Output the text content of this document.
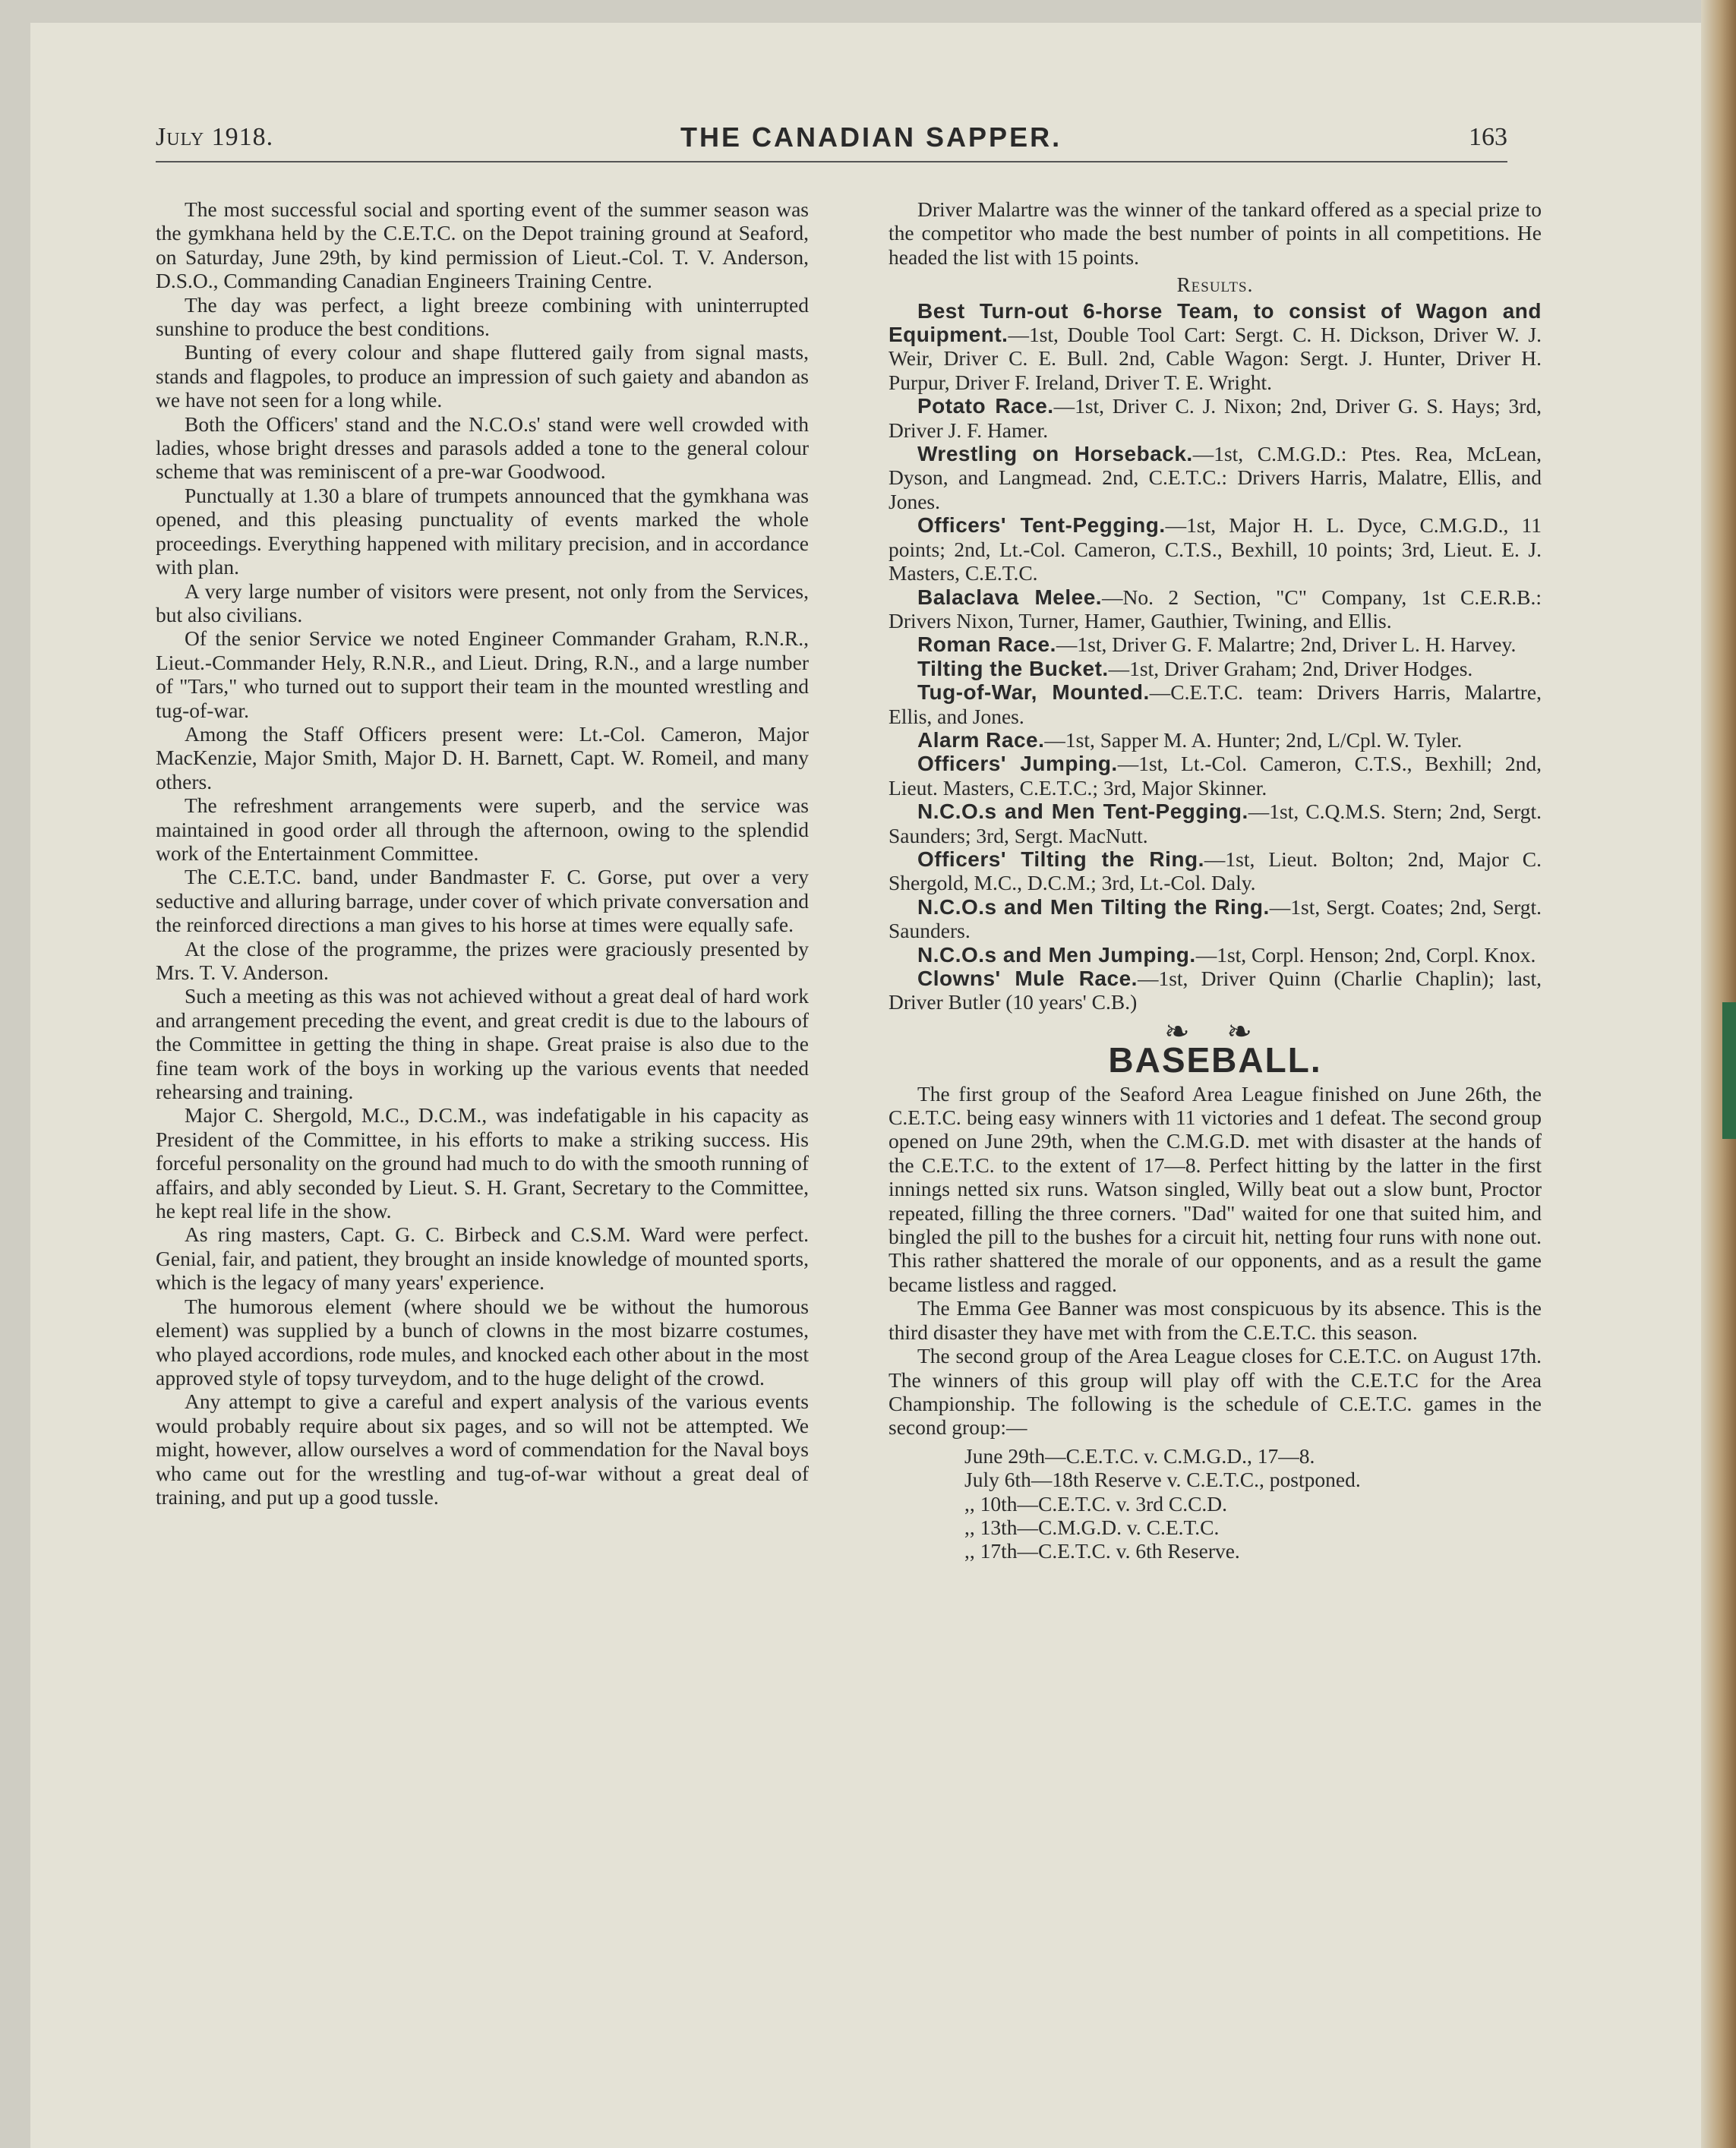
July 1918.	THE CANADIAN SAPPER.	163

The most successful social and sporting event of the summer season was the gymkhana held by the C.E.T.C. on the Depot training ground at Seaford, on Saturday, June 29th, by kind permission of Lieut.-Col. T. V. Anderson, D.S.O., Commanding Canadian Engineers Training Centre.

The day was perfect, a light breeze combining with uninterrupted sunshine to produce the best conditions.

Bunting of every colour and shape fluttered gaily from signal masts, stands and flagpoles, to produce an impression of such gaiety and abandon as we have not seen for a long while.

Both the Officers' stand and the N.C.O.s' stand were well crowded with ladies, whose bright dresses and parasols added a tone to the general colour scheme that was reminiscent of a pre-war Goodwood.

Punctually at 1.30 a blare of trumpets announced that the gymkhana was opened, and this pleasing punctuality of events marked the whole proceedings. Everything happened with military precision, and in accordance with plan.

A very large number of visitors were present, not only from the Services, but also civilians.

Of the senior Service we noted Engineer Commander Graham, R.N.R., Lieut.-Commander Hely, R.N.R., and Lieut. Dring, R.N., and a large number of "Tars," who turned out to support their team in the mounted wrestling and tug-of-war.

Among the Staff Officers present were: Lt.-Col. Cameron, Major MacKenzie, Major Smith, Major D. H. Barnett, Capt. W. Romeil, and many others.

The refreshment arrangements were superb, and the service was maintained in good order all through the afternoon, owing to the splendid work of the Entertainment Committee.

The C.E.T.C. band, under Bandmaster F. C. Gorse, put over a very seductive and alluring barrage, under cover of which private conversation and the reinforced directions a man gives to his horse at times were equally safe.

At the close of the programme, the prizes were graciously presented by Mrs. T. V. Anderson.

Such a meeting as this was not achieved without a great deal of hard work and arrangement preceding the event, and great credit is due to the labours of the Committee in getting the thing in shape. Great praise is also due to the fine team work of the boys in working up the various events that needed rehearsing and training.

Major C. Shergold, M.C., D.C.M., was indefatigable in his capacity as President of the Committee, in his efforts to make a striking success. His forceful personality on the ground had much to do with the smooth running of affairs, and ably seconded by Lieut. S. H. Grant, Secretary to the Committee, he kept real life in the show.

As ring masters, Capt. G. C. Birbeck and C.S.M. Ward were perfect. Genial, fair, and patient, they brought an inside knowledge of mounted sports, which is the legacy of many years' experience.

The humorous element (where should we be without the humorous element) was supplied by a bunch of clowns in the most bizarre costumes, who played accordions, rode mules, and knocked each other about in the most approved style of topsy turveydom, and to the huge delight of the crowd.

Any attempt to give a careful and expert analysis of the various events would probably require about six pages, and so will not be attempted. We might, however, allow ourselves a word of commendation for the Naval boys who came out for the wrestling and tug-of-war without a great deal of training, and put up a good tussle.

Driver Malartre was the winner of the tankard offered as a special prize to the competitor who made the best number of points in all competitions. He headed the list with 15 points.

Results.

Best Turn-out 6-horse Team, to consist of Wagon and Equipment.—1st, Double Tool Cart: Sergt. C. H. Dickson, Driver W. J. Weir, Driver C. E. Bull. 2nd, Cable Wagon: Sergt. J. Hunter, Driver H. Purpur, Driver F. Ireland, Driver T. E. Wright.

Potato Race.—1st, Driver C. J. Nixon; 2nd, Driver G. S. Hays; 3rd, Driver J. F. Hamer.

Wrestling on Horseback.—1st, C.M.G.D.: Ptes. Rea, McLean, Dyson, and Langmead. 2nd, C.E.T.C.: Drivers Harris, Malatre, Ellis, and Jones.

Officers' Tent-Pegging.—1st, Major H. L. Dyce, C.M.G.D., 11 points; 2nd, Lt.-Col. Cameron, C.T.S., Bexhill, 10 points; 3rd, Lieut. E. J. Masters, C.E.T.C.

Balaclava Melee.—No. 2 Section, "C" Company, 1st C.E.R.B.: Drivers Nixon, Turner, Hamer, Gauthier, Twining, and Ellis.

Roman Race.—1st, Driver G. F. Malartre; 2nd, Driver L. H. Harvey.

Tilting the Bucket.—1st, Driver Graham; 2nd, Driver Hodges.

Tug-of-War, Mounted.—C.E.T.C. team: Drivers Harris, Malartre, Ellis, and Jones.

Alarm Race.—1st, Sapper M. A. Hunter; 2nd, L/Cpl. W. Tyler.

Officers' Jumping.—1st, Lt.-Col. Cameron, C.T.S., Bexhill; 2nd, Lieut. Masters, C.E.T.C.; 3rd, Major Skinner.

N.C.O.s and Men Tent-Pegging.—1st, C.Q.M.S. Stern; 2nd, Sergt. Saunders; 3rd, Sergt. MacNutt.

Officers' Tilting the Ring.—1st, Lieut. Bolton; 2nd, Major C. Shergold, M.C., D.C.M.; 3rd, Lt.-Col. Daly.

N.C.O.s and Men Tilting the Ring.—1st, Sergt. Coates; 2nd, Sergt. Saunders.

N.C.O.s and Men Jumping.—1st, Corpl. Henson; 2nd, Corpl. Knox.

Clowns' Mule Race.—1st, Driver Quinn (Charlie Chaplin); last, Driver Butler (10 years' C.B.)

❧ ❧
BASEBALL.

The first group of the Seaford Area League finished on June 26th, the C.E.T.C. being easy winners with 11 victories and 1 defeat. The second group opened on June 29th, when the C.M.G.D. met with disaster at the hands of the C.E.T.C. to the extent of 17—8. Perfect hitting by the latter in the first innings netted six runs. Watson singled, Willy beat out a slow bunt, Proctor repeated, filling the three corners. "Dad" waited for one that suited him, and bingled the pill to the bushes for a circuit hit, netting four runs with none out. This rather shattered the morale of our opponents, and as a result the game became listless and ragged.

The Emma Gee Banner was most conspicuous by its absence. This is the third disaster they have met with from the C.E.T.C. this season.

The second group of the Area League closes for C.E.T.C. on August 17th. The winners of this group will play off with the C.E.T.C for the Area Championship. The following is the schedule of C.E.T.C. games in the second group:—

June 29th—C.E.T.C. v. C.M.G.D., 17—8.
July 6th—18th Reserve v. C.E.T.C., postponed.
,, 10th—C.E.T.C. v. 3rd C.C.D.
,, 13th—C.M.G.D. v. C.E.T.C.
,, 17th—C.E.T.C. v. 6th Reserve.
